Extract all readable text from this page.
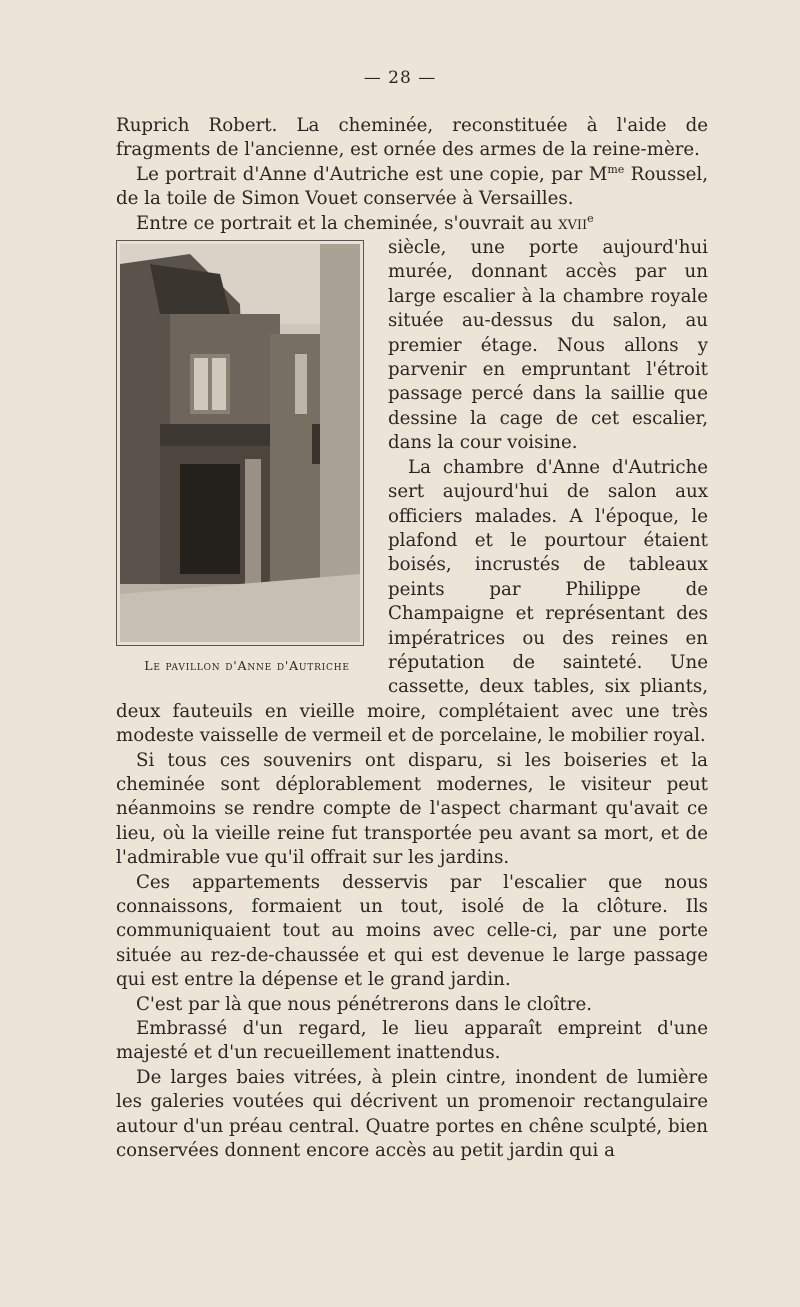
— 28 —

Ruprich Robert. La cheminée, reconstituée à l'aide de fragments de l'ancienne, est ornée des armes de la reine-mère.

Le portrait d'Anne d'Autriche est une copie, par $M^{me}$ Roussel, de la toile de Simon Vouet conservée à Versailles.

Entre ce portrait et la cheminée, s'ouvrait au xvii$^e$

Le pavillon d'Anne d'Autriche

siècle, une porte aujourd'hui murée, donnant accès par un large escalier à la chambre royale située au-dessus du salon, au premier étage. Nous allons y parvenir en empruntant l'étroit passage percé dans la saillie que dessine la cage de cet escalier, dans la cour voisine.

La chambre d'Anne d'Autriche sert aujourd'hui de salon aux officiers malades. A l'époque, le plafond et le pourtour étaient boisés, incrustés de tableaux peints par Philippe de Champaigne et représentant des impératrices ou des reines en réputation de sainteté. Une cassette, deux tables, six pliants, deux fauteuils en vieille moire, complétaient avec une très modeste vaisselle de vermeil et de porcelaine, le mobilier royal.

Si tous ces souvenirs ont disparu, si les boiseries et la cheminée sont déplorablement modernes, le visiteur peut néanmoins se rendre compte de l'aspect charmant qu'avait ce lieu, où la vieille reine fut transportée peu avant sa mort, et de l'admirable vue qu'il offrait sur les jardins.

Ces appartements desservis par l'escalier que nous connaissons, formaient un tout, isolé de la clôture. Ils communiquaient tout au moins avec celle-ci, par une porte située au rez-de-chaussée et qui est devenue le large passage qui est entre la dépense et le grand jardin.

C'est par là que nous pénétrerons dans le cloître.

Embrassé d'un regard, le lieu apparaît empreint d'une majesté et d'un recueillement inattendus.

De larges baies vitrées, à plein cintre, inondent de lumière les galeries voutées qui décrivent un promenoir rectangulaire autour d'un préau central. Quatre portes en chêne sculpté, bien conservées donnent encore accès au petit jardin qui a
